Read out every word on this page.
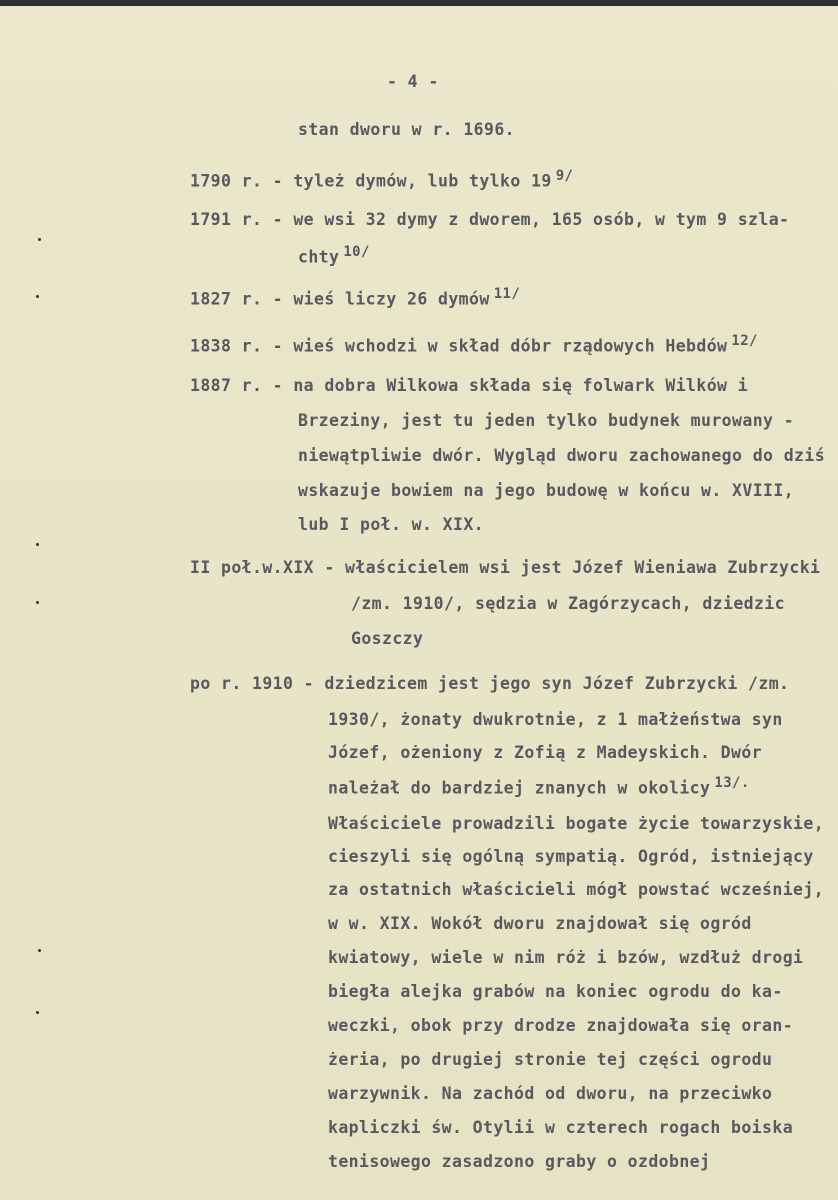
- 4 -
stan dworu w r. 1696.
1790 r. - tyleż dymów, lub tylko 19 $^{9/}$
1791 r. - we wsi 32 dymy z dworem, 165 osób, w tym 9 szla-
chty $^{10/}$
1827 r. - wieś liczy 26 dymów $^{11/}$
1838 r. - wieś wchodzi w skład dóbr rządowych Hebdów $^{12/}$
1887 r. - na dobra Wilkowa składa się folwark Wilków i
Brzeziny, jest tu jeden tylko budynek murowany -
niewątpliwie dwór. Wygląd dworu zachowanego do dziś
wskazuje bowiem na jego budowę w końcu w. XVIII,
lub I poł. w. XIX.
II poł.w.XIX - właścicielem wsi jest Józef Wieniawa Zubrzycki
/zm. 1910/, sędzia w Zagórzycach, dziedzic
Goszczy
po r. 1910 - dziedzicem jest jego syn Józef Zubrzycki /zm.
1930/, żonaty dwukrotnie, z 1 małżeństwa syn
Józef, ożeniony z Zofią z Madeyskich. Dwór
należał do bardziej znanych w okolicy $^{13/.}$
Właściciele prowadzili bogate życie towarzyskie,
cieszyli się ogólną sympatią. Ogród, istniejący
za ostatnich właścicieli mógł powstać wcześniej,
w w. XIX. Wokół dworu znajdował się ogród
kwiatowy, wiele w nim róż i bzów, wzdłuż drogi
biegła alejka grabów na koniec ogrodu do ka-
weczki, obok przy drodze znajdowała się oran-
żeria, po drugiej stronie tej części ogrodu
warzywnik. Na zachód od dworu, na przeciwko
kapliczki św. Otylii w czterech rogach boiska
tenisowego zasadzono graby o ozdobnej
